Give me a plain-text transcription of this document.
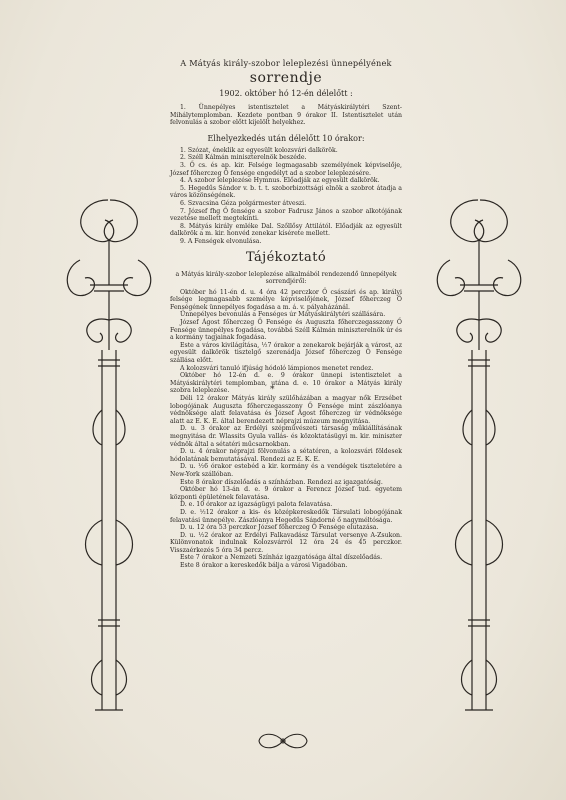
A Mátyás király-szobor leleplezési ünnepélyének
sorrendje
1902. október hó 12-én délelőtt :

1. Ünnepélyes istentisztelet a Mátyáskirálytéri Szent-Mihálytemplomban. Kezdete pontban 9 órakor II. Istentisztelet után felvonulás a szobor előtt kijelölt helyekhez.

Elhelyezkedés után délelőtt 10 órakor:

1. Szózat, éneklik az egyesült kolozsvári dalkörök.

2. Széll Kálmán miniszterelnök beszéde.

3. Ő cs. és ap. kir. Felsége legmagasabb személyének képviselője, József főherczeg Ő fensége engedélyt ad a szobor leleplezésére.

4. A szobor leleplezése Hymnus. Előadják az egyesült dalkörök.

5. Hegedűs Sándor v. b. t. t. szoborbizottsági elnök a szobrot átadja a város közönségének.

6. Szvacsina Géza polgármester átveszi.

7. József fhg Ő fensége a szobor Fadrusz János a szobor alkotójának vezetése mellett megtekinti.

8. Mátyás király emléke Dal. Szőllősy Attilától. Előadják az egyesült dalkörök a m. kir. honvéd zenekar kísérete mellett.

9. A Fenségek elvonulása.

Tájékoztató

a Mátyás király-szobor leleplezése alkalmából rendezendő ünnepélyek sorrendjéről:

Október hó 11-én d. u. 4 óra 42 perczkor Ő császári és ap. királyi felsége legmagasabb személye képviselőjének, József főherczeg Ő Fenségének ünnepélyes fogadása a m. á. v. pályaházánál.

Ünnepélyes bevonulás a Fenséges úr Mátyáskirálytéri szállására.

József Ágost főherczeg Ő Fensége és Auguszta főherczegasszony Ő Fensége ünnepélyes fogadása, továbbá Széll Kálmán miniszterelnök úr és a kormány tagjainak fogadása.

Este a város kivilágítása, ½7 órakor a zenekarok bejárják a várost, az egyesült dalkörök tisztelgő szerenádja József főherczeg Ő Fensége szállása előtt.

A kolozsvári tanuló ifjúság hódoló lámpionos menetet rendez.

Október hó 12-én d. e. 9 órakor ünnepi istentisztelet a Mátyáskirálytéri templomban, utána d. e. 10 órakor a Mátyás király szobra leleplezése.

Déli 12 órakor Mátyás király szülőházában a magyar nők Erzsébet lobogójának Auguszta főherczegasszony Ő Fensége mint zászlóanya védnöksége alatt felavatása és József Ágost főherczeg úr védnöksége alatt az E. K. E. által berendezett néprajzi múzeum megnyitása.

D. u. 3 órakor az Erdélyi szépművészeti társaság műkiállításának megnyitása dr. Wlassits Gyula vallás- és közoktatásügyi m. kir. miniszter védnök által a sétatéri műcsarnokban.

D. u. 4 órakor néprajzi fölvonulás a sétatéren, a kolozsvári földesek hódolatának bemutatásával. Rendezi az E. K. E.

D. u. ½6 órakor estebéd a kir. kormány és a vendégek tiszteletére a New-York szállóban.

Este 8 órakor díszelőadás a színházban. Rendezi az igazgatóság.

Október hó 13-án d. e. 9 órakor a Ferencz József tud. egyetem központi épületének felavatása.

D. e. 10 órakor az igazságügyi palota felavatása.

D. e. ½12 órakor a kis- és középkereskedők Társulati lobogójának felavatási ünnepélye. Zászlóanya Hegedűs Sándorné ő nagyméltósága.

D. u. 12 óra 53 perczkor József főherczeg Ő Fensége elutazása.

D. u. ½2 órakor az Erdélyi Falkavadász Társulat versenye A-Zsukon. Különvonatok indulnak Kolozsvárról 12 óra 24 és 45 perczkor. Visszaérkezés 5 óra 34 percz.

Este 7 órakor a Nemzeti Színház igazgatósága által díszelőadás.

Este 8 órakor a kereskedők bálja a városi Vigadóban.

*
